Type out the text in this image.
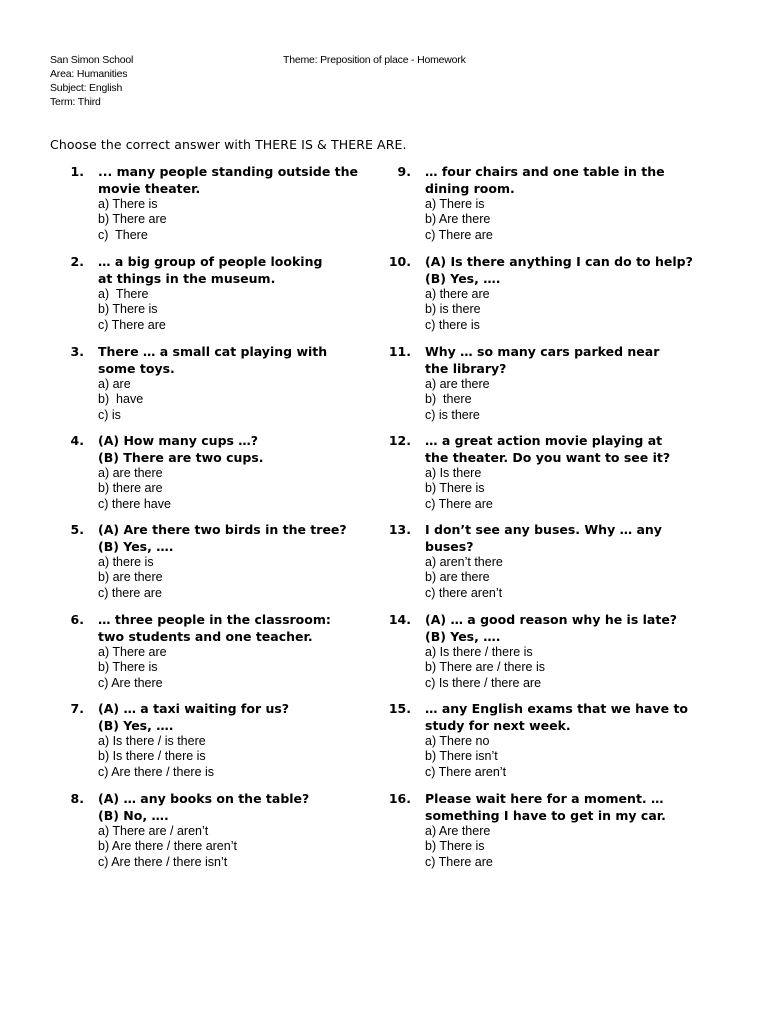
San Simon School
Area: Humanities
Subject: English
Term: Third
Theme: Preposition of place - Homework
Choose the correct answer with THERE IS & THERE ARE.
1. ... many people standing outside the
movie theater.
a) There is
b) There are
c)  There
2. … a big group of people looking
at things in the museum.
a)  There
b) There is
c) There are
3. There … a small cat playing with
some toys.
a) are
b)  have
c) is
4. (A) How many cups …?
(B) There are two cups.
a) are there
b) there are
c) there have
5. (A) Are there two birds in the tree?
(B) Yes, ….
a) there is
b) are there
c) there are
6. … three people in the classroom:
two students and one teacher.
a) There are
b) There is
c) Are there
7. (A) … a taxi waiting for us?
(B) Yes, ….
a) Is there / is there
b) Is there / there is
c) Are there / there is
8. (A) … any books on the table?
(B) No, ….
a) There are / aren’t
b) Are there / there aren’t
c) Are there / there isn’t
9. … four chairs and one table in the
dining room.
a) There is
b) Are there
c) There are
10. (A) Is there anything I can do to help?
(B) Yes, ….
a) there are
b) is there
c) there is
11. Why … so many cars parked near
the library?
a) are there
b)  there
c) is there
12. … a great action movie playing at
the theater. Do you want to see it?
a) Is there
b) There is
c) There are
13. I don’t see any buses. Why … any
buses?
a) aren’t there
b) are there
c) there aren’t
14. (A) … a good reason why he is late?
(B) Yes, ….
a) Is there / there is
b) There are / there is
c) Is there / there are
15. … any English exams that we have to
study for next week.
a) There no
b) There isn’t
c) There aren’t
16. Please wait here for a moment. …
something I have to get in my car.
a) Are there
b) There is
c) There are
